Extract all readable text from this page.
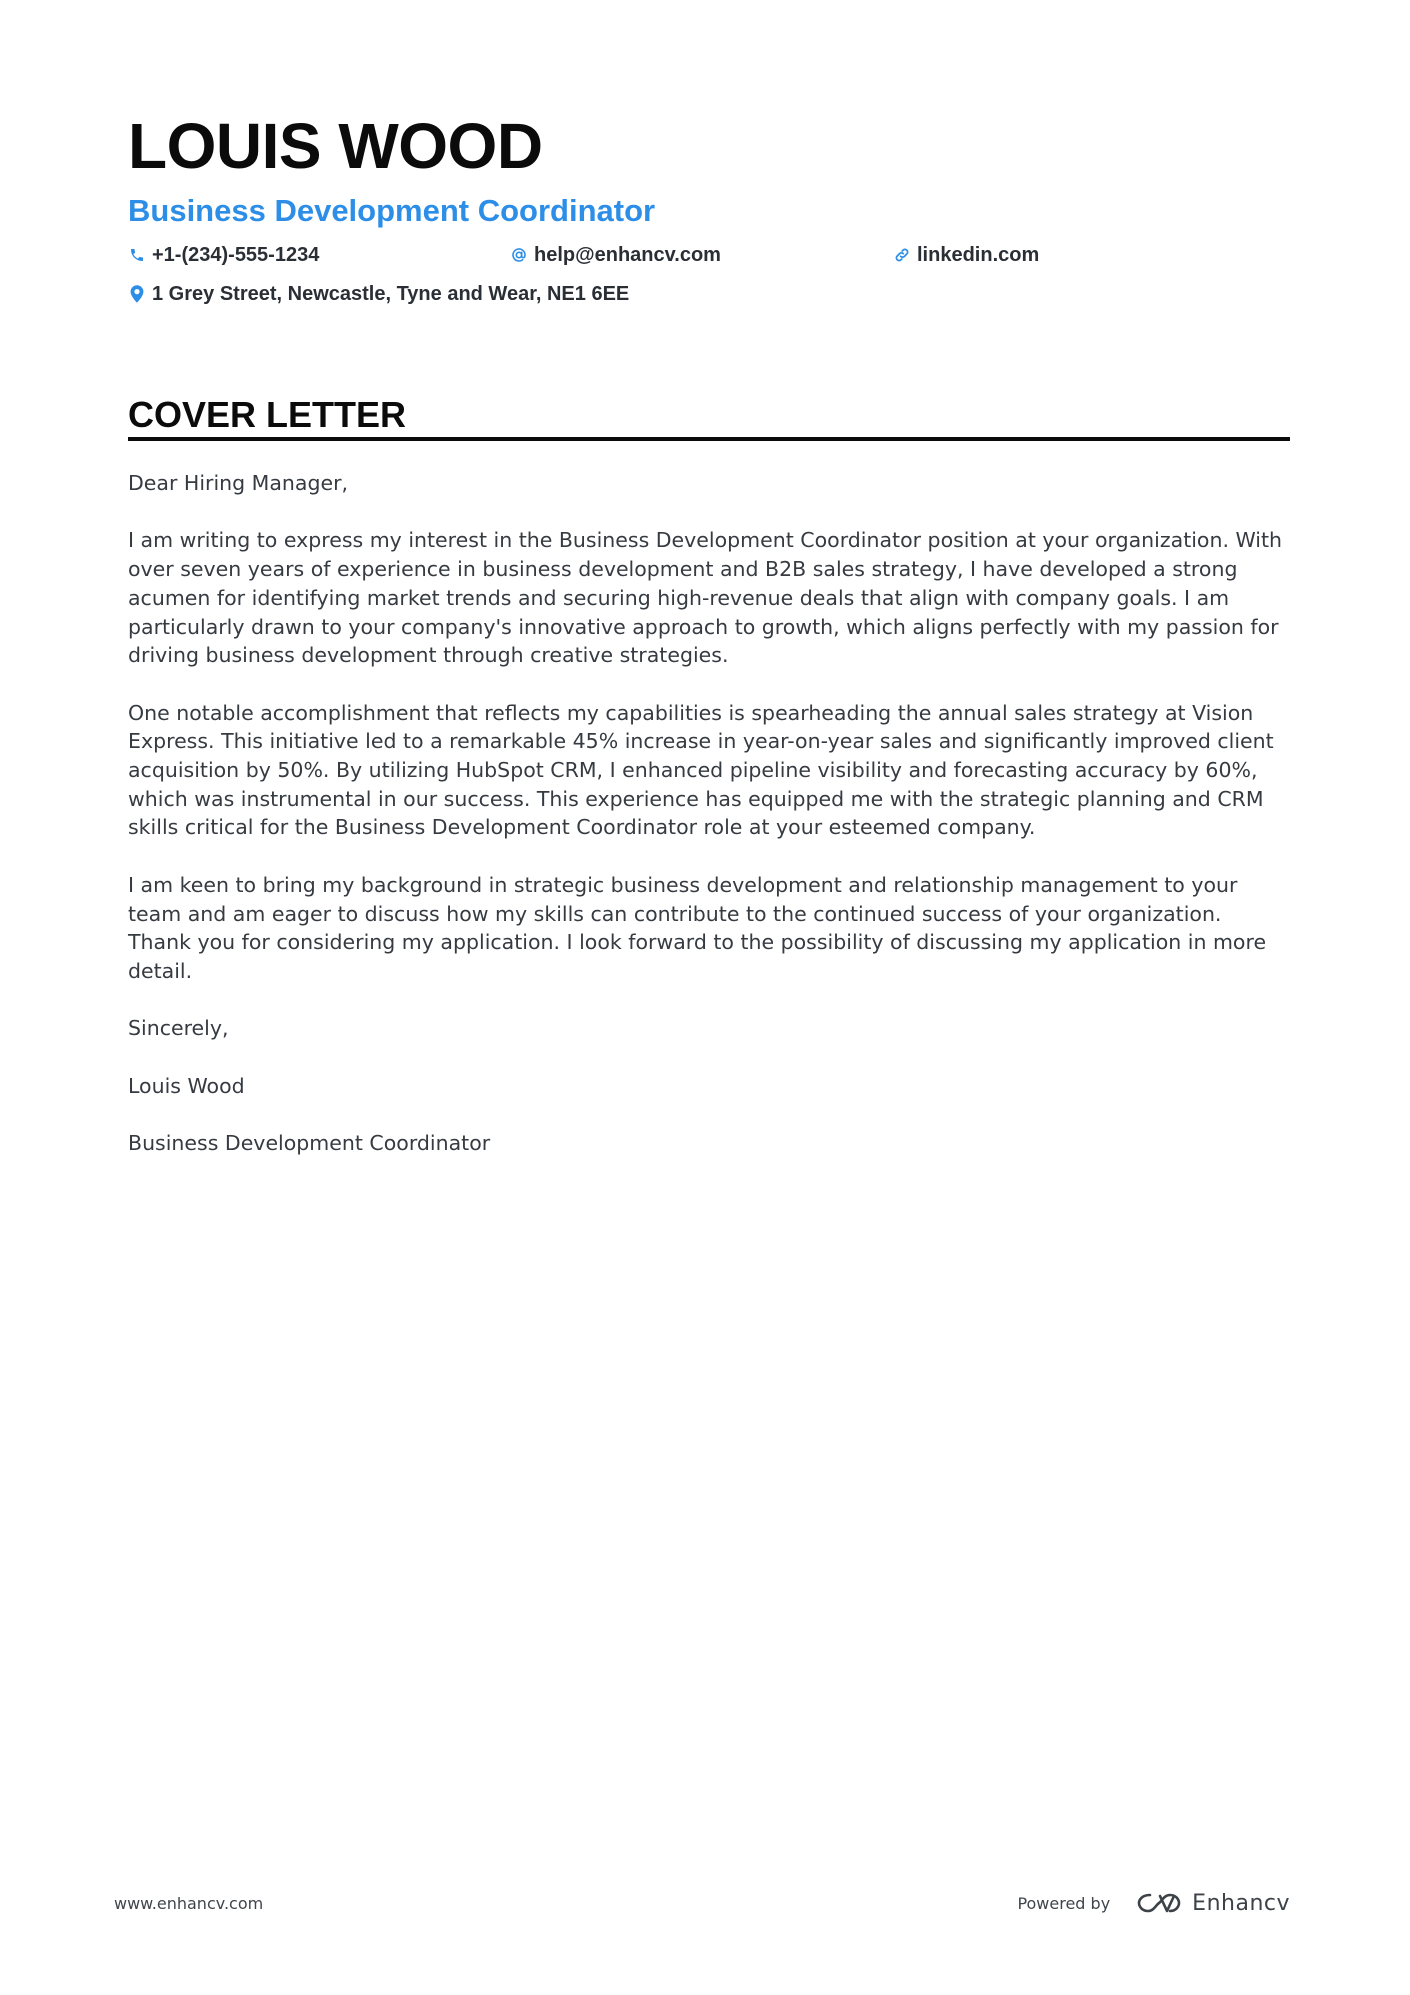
LOUIS WOOD
Business Development Coordinator
+1-(234)-555-1234	help@enhancv.com	linkedin.com
1 Grey Street, Newcastle, Tyne and Wear, NE1 6EE
COVER LETTER

Dear Hiring Manager,

I am writing to express my interest in the Business Development Coordinator position at your organization. With over seven years of experience in business development and B2B sales strategy, I have developed a strong acumen for identifying market trends and securing high-revenue deals that align with company goals. I am particularly drawn to your company's innovative approach to growth, which aligns perfectly with my passion for driving business development through creative strategies.

One notable accomplishment that reflects my capabilities is spearheading the annual sales strategy at Vision Express. This initiative led to a remarkable 45% increase in year-on-year sales and significantly improved client acquisition by 50%. By utilizing HubSpot CRM, I enhanced pipeline visibility and forecasting accuracy by 60%, which was instrumental in our success. This experience has equipped me with the strategic planning and CRM skills critical for the Business Development Coordinator role at your esteemed company.

I am keen to bring my background in strategic business development and relationship management to your team and am eager to discuss how my skills can contribute to the continued success of your organization. Thank you for considering my application. I look forward to the possibility of discussing my application in more detail.

Sincerely,

Louis Wood

Business Development Coordinator

www.enhancv.com	Powered by	Enhancv
